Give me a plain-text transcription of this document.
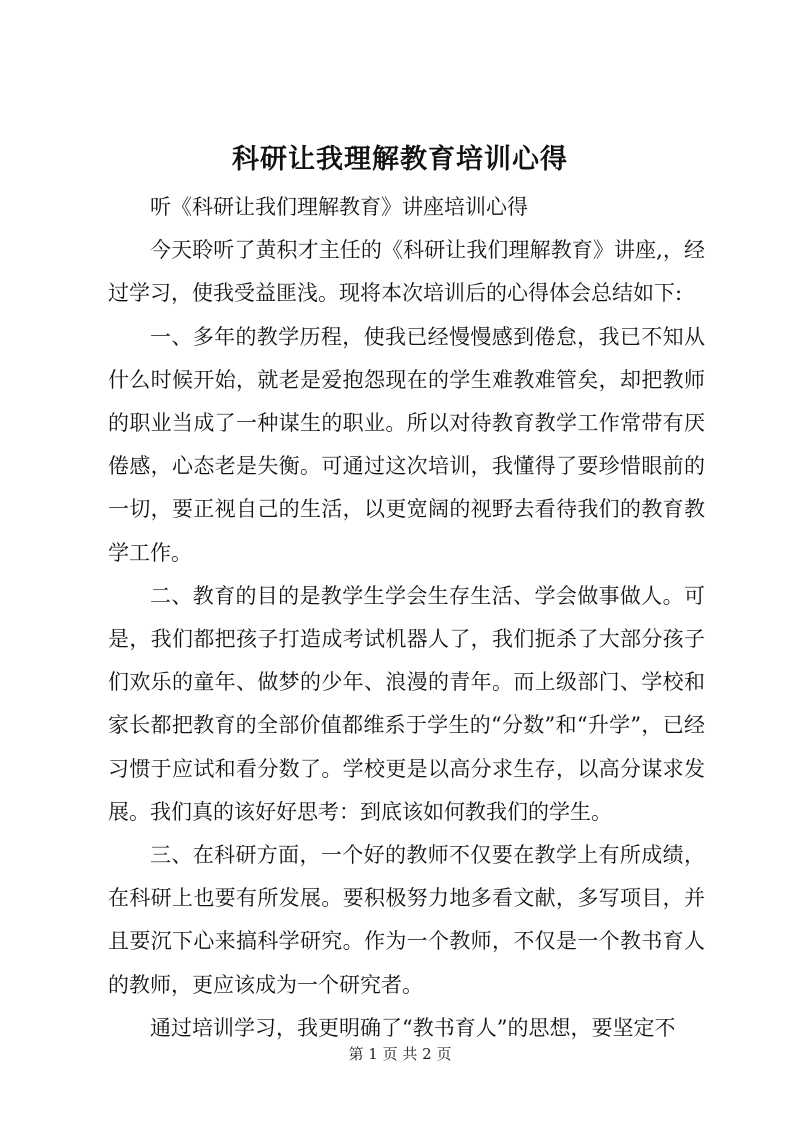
科研让我理解教育培训心得

听《科研让我们理解教育》讲座培训心得

今天聆听了黄积才主任的《科研让我们理解教育》讲座,，经过学习，使我受益匪浅。现将本次培训后的心得体会总结如下:

一、多年的教学历程，使我已经慢慢感到倦怠，我已不知从什么时候开始，就老是爱抱怨现在的学生难教难管矣，却把教师的职业当成了一种谋生的职业。所以对待教育教学工作常带有厌倦感，心态老是失衡。可通过这次培训，我懂得了要珍惜眼前的一切，要正视自己的生活，以更宽阔的视野去看待我们的教育教学工作。

二、教育的目的是教学生学会生存生活、学会做事做人。可是，我们都把孩子打造成考试机器人了，我们扼杀了大部分孩子们欢乐的童年、做梦的少年、浪漫的青年。而上级部门、学校和家长都把教育的全部价值都维系于学生的“分数”和“升学”，已经习惯于应试和看分数了。学校更是以高分求生存，以高分谋求发展。我们真的该好好思考：到底该如何教我们的学生。

三、在科研方面，一个好的教师不仅要在教学上有所成绩，在科研上也要有所发展。要积极努力地多看文献，多写项目，并且要沉下心来搞科学研究。作为一个教师，不仅是一个教书育人的教师，更应该成为一个研究者。

通过培训学习，我更明确了“教书育人”的思想，要坚定不

第 1 页 共 2 页
